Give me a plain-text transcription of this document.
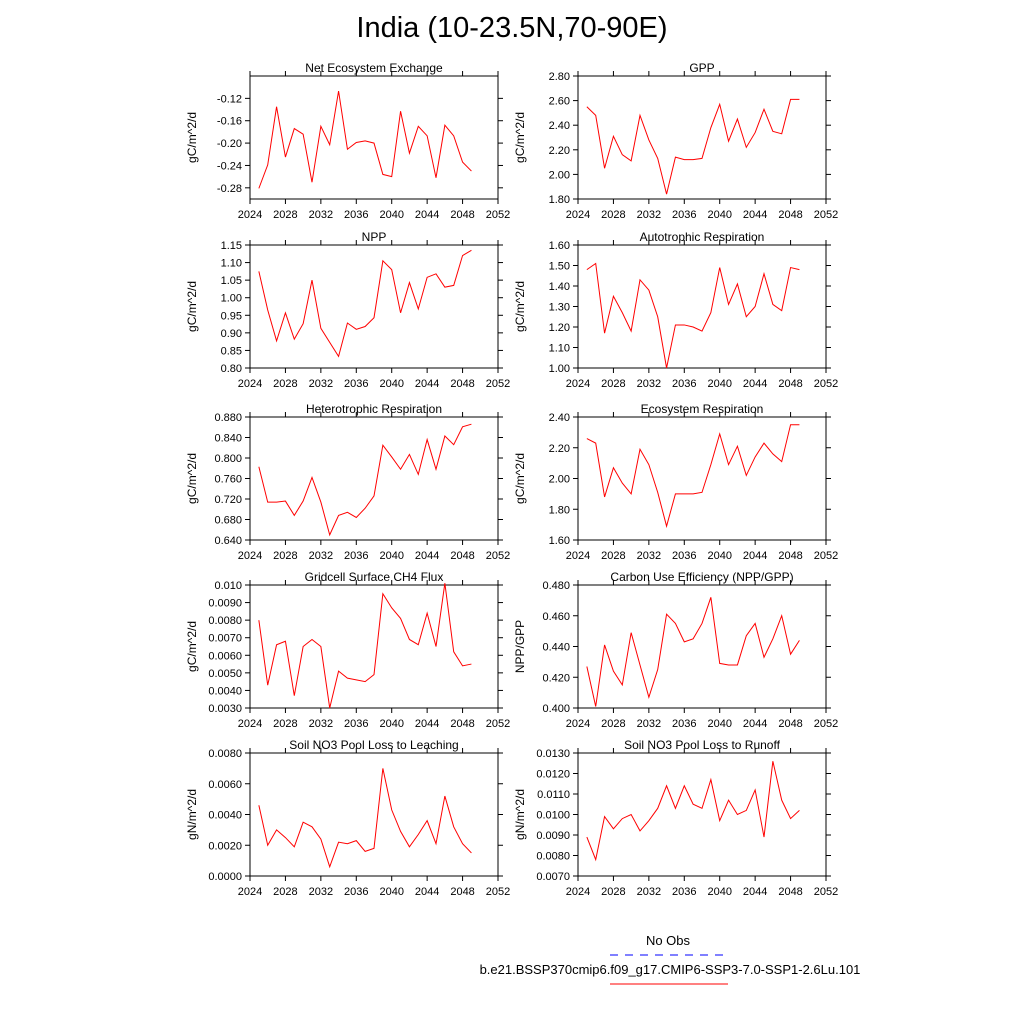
India (10-23.5N,70-90E)
Net Ecosystem Exchange
gC/m^2/d
-0.28
-0.24
-0.20
-0.16
-0.12
2024 2028 2032 2036 2040 2044 2048 2052
GPP
gC/m^2/d
1.80
2.00
2.20
2.40
2.60
2.80
2024 2028 2032 2036 2040 2044 2048 2052
NPP
gC/m^2/d
0.80
0.85
0.90
0.95
1.00
1.05
1.10
1.15
2024 2028 2032 2036 2040 2044 2048 2052
Autotrophic Respiration
gC/m^2/d
1.00
1.10
1.20
1.30
1.40
1.50
1.60
2024 2028 2032 2036 2040 2044 2048 2052
Heterotrophic Respiration
gC/m^2/d
0.640
0.680
0.720
0.760
0.800
0.840
0.880
2024 2028 2032 2036 2040 2044 2048 2052
Ecosystem Respiration
gC/m^2/d
1.60
1.80
2.00
2.20
2.40
2024 2028 2032 2036 2040 2044 2048 2052
Gridcell Surface CH4 Flux
gC/m^2/d
0.0030
0.0040
0.0050
0.0060
0.0070
0.0080
0.0090
0.010
2024 2028 2032 2036 2040 2044 2048 2052
Carbon Use Efficiency (NPP/GPP)
NPP/GPP
0.400
0.420
0.440
0.460
0.480
2024 2028 2032 2036 2040 2044 2048 2052
Soil NO3 Pool Loss to Leaching
gN/m^2/d
0.0000
0.0020
0.0040
0.0060
0.0080
2024 2028 2032 2036 2040 2044 2048 2052
Soil NO3 Pool Loss to Runoff
gN/m^2/d
0.0070
0.0080
0.0090
0.0100
0.0110
0.0120
0.0130
2024 2028 2032 2036 2040 2044 2048 2052
No Obs
b.e21.BSSP370cmip6.f09_g17.CMIP6-SSP3-7.0-SSP1-2.6Lu.101
